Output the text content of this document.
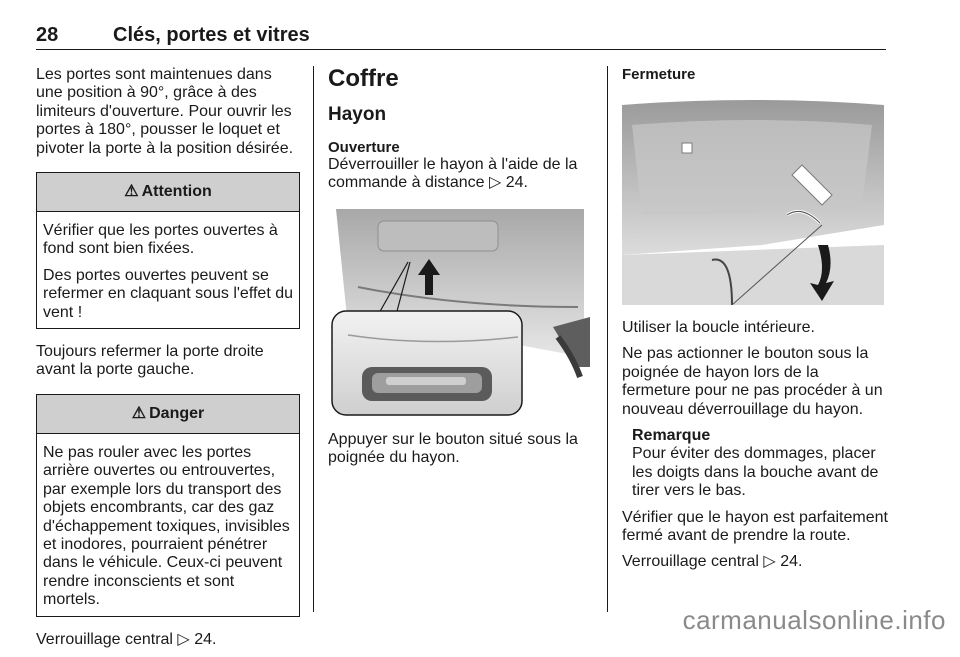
28	Clés, portes et vitres

Les portes sont maintenues dans une position à 90°, grâce à des limiteurs d'ouverture. Pour ouvrir les portes à 180°, pousser le loquet et pivoter la porte à la position désirée.

⚠ Attention

Vérifier que les portes ouvertes à fond sont bien fixées.

Des portes ouvertes peuvent se refermer en claquant sous l'effet du vent !

Toujours refermer la porte droite avant la porte gauche.

⚠ Danger

Ne pas rouler avec les portes arrière ouvertes ou entrouvertes, par exemple lors du transport des objets encombrants, car des gaz d'échappement toxiques, invisibles et inodores, pourraient pénétrer dans le véhicule. Ceux-ci peuvent rendre inconscients et sont mortels.

Verrouillage central ▷ 24.

Coffre
Hayon
Ouverture

Déverrouiller le hayon à l'aide de la commande à distance ▷ 24.

Appuyer sur le bouton situé sous la poignée du hayon.

Fermeture

Utiliser la boucle intérieure.

Ne pas actionner le bouton sous la poignée de hayon lors de la fermeture pour ne pas procéder à un nouveau déverrouillage du hayon.

Remarque
Pour éviter des dommages, placer les doigts dans la bouche avant de tirer vers le bas.

Vérifier que le hayon est parfaitement fermé avant de prendre la route.

Verrouillage central ▷ 24.

carmanualsonline.info
